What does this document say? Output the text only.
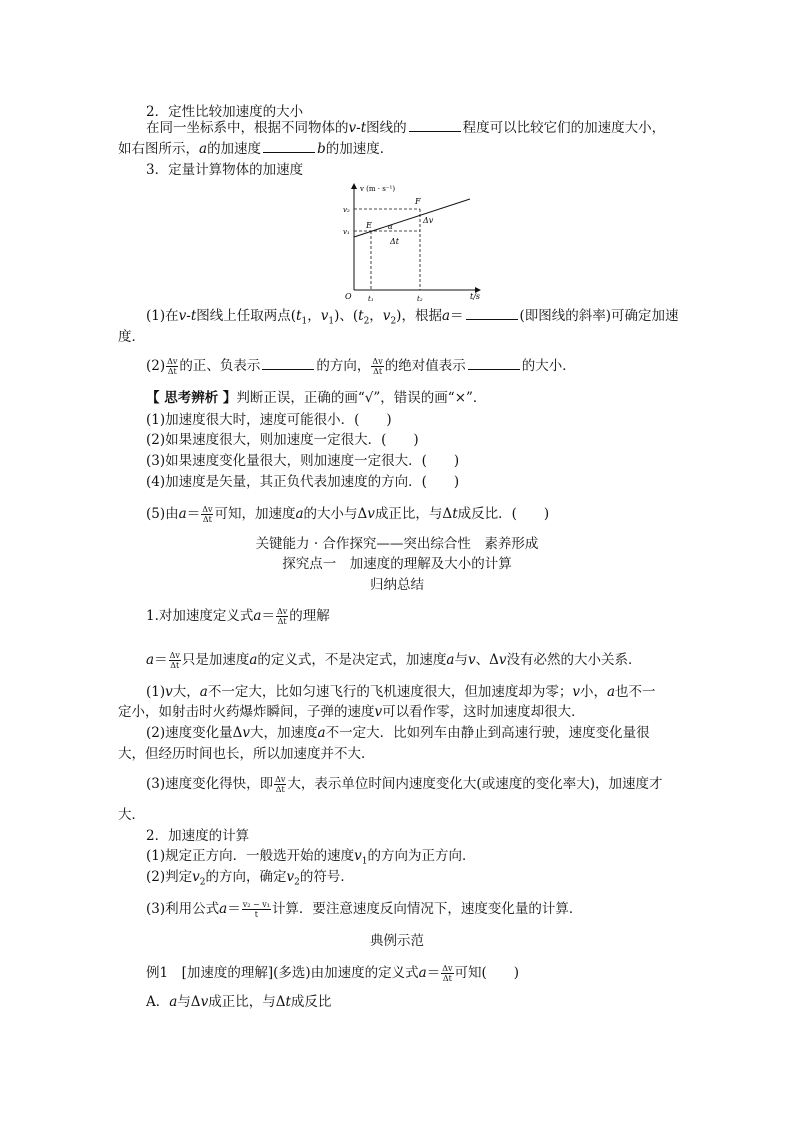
2．定性比较加速度的大小
在同一坐标系中，根据不同物体的v-t图线的	程度可以比较它们的加速度大小，
如右图所示，a的加速度	b的加速度．
3．定量计算物体的加速度
v (m · s⁻¹)
t/s
O
v₂
v₁
t₁	t₂
E
F
α
Δv
Δt
(1)在v-t图线上任取两点($t_1$，$v_1$)、($t_2$，$v_2$)，根据a＝	(即图线的斜率)可确定加速
度．
$(2) \frac{\Delta v}{\Delta t}$ 的正、负表示	的方向， $\frac{\Delta v}{\Delta t}$ 的绝对值表示	的大小．
【 思考辨析 】判断正误，正确的画“√”，错误的画“×”．
(1)加速度很大时，速度可能很小．(　　)
(2)如果速度很大，则加速度一定很大．(　　)
(3)如果速度变化量很大，则加速度一定很大．(　　)
(4)加速度是矢量，其正负代表加速度的方向．(　　)
(5)由$a= \frac{\Delta v}{\Delta t}$ 可知，加速度a的大小与Δv成正比，与Δt成反比．(　　)
关键能力 · 合作探究——突出综合性　素养形成
探究点一　加速度的理解及大小的计算
归纳总结
1.对加速度定义式$a= \frac{\Delta v}{\Delta t}$ 的理解
$a= \frac{\Delta v}{\Delta t}$ 只是加速度a的定义式，不是决定式，加速度a与v、Δv没有必然的大小关系．
(1)v大，a不一定大，比如匀速飞行的飞机速度很大，但加速度却为零；v小，a也不一
定小，如射击时火药爆炸瞬间，子弹的速度v可以看作零，这时加速度却很大．
(2)速度变化量Δv大，加速度a不一定大．比如列车由静止到高速行驶，速度变化量很
大，但经历时间也长，所以加速度并不大．
(3)速度变化得快，即 $\frac{\Delta v}{\Delta t}$ 大，表示单位时间内速度变化大(或速度的变化率大)，加速度才
大．
2．加速度的计算
(1)规定正方向．一般选开始的速度$v_1$的方向为正方向．
(2)判定$v_2$的方向，确定$v_2$的符号．
(3)利用公式$a= \frac{\text{v₂ − v₁}}{t}$ 计算．要注意速度反向情况下，速度变化量的计算．
典例示范
例1　[加速度的理解](多选)由加速度的定义式$a= \frac{\Delta v}{\Delta t}$ 可知(　　)
A．a与Δv成正比，与Δt成反比
